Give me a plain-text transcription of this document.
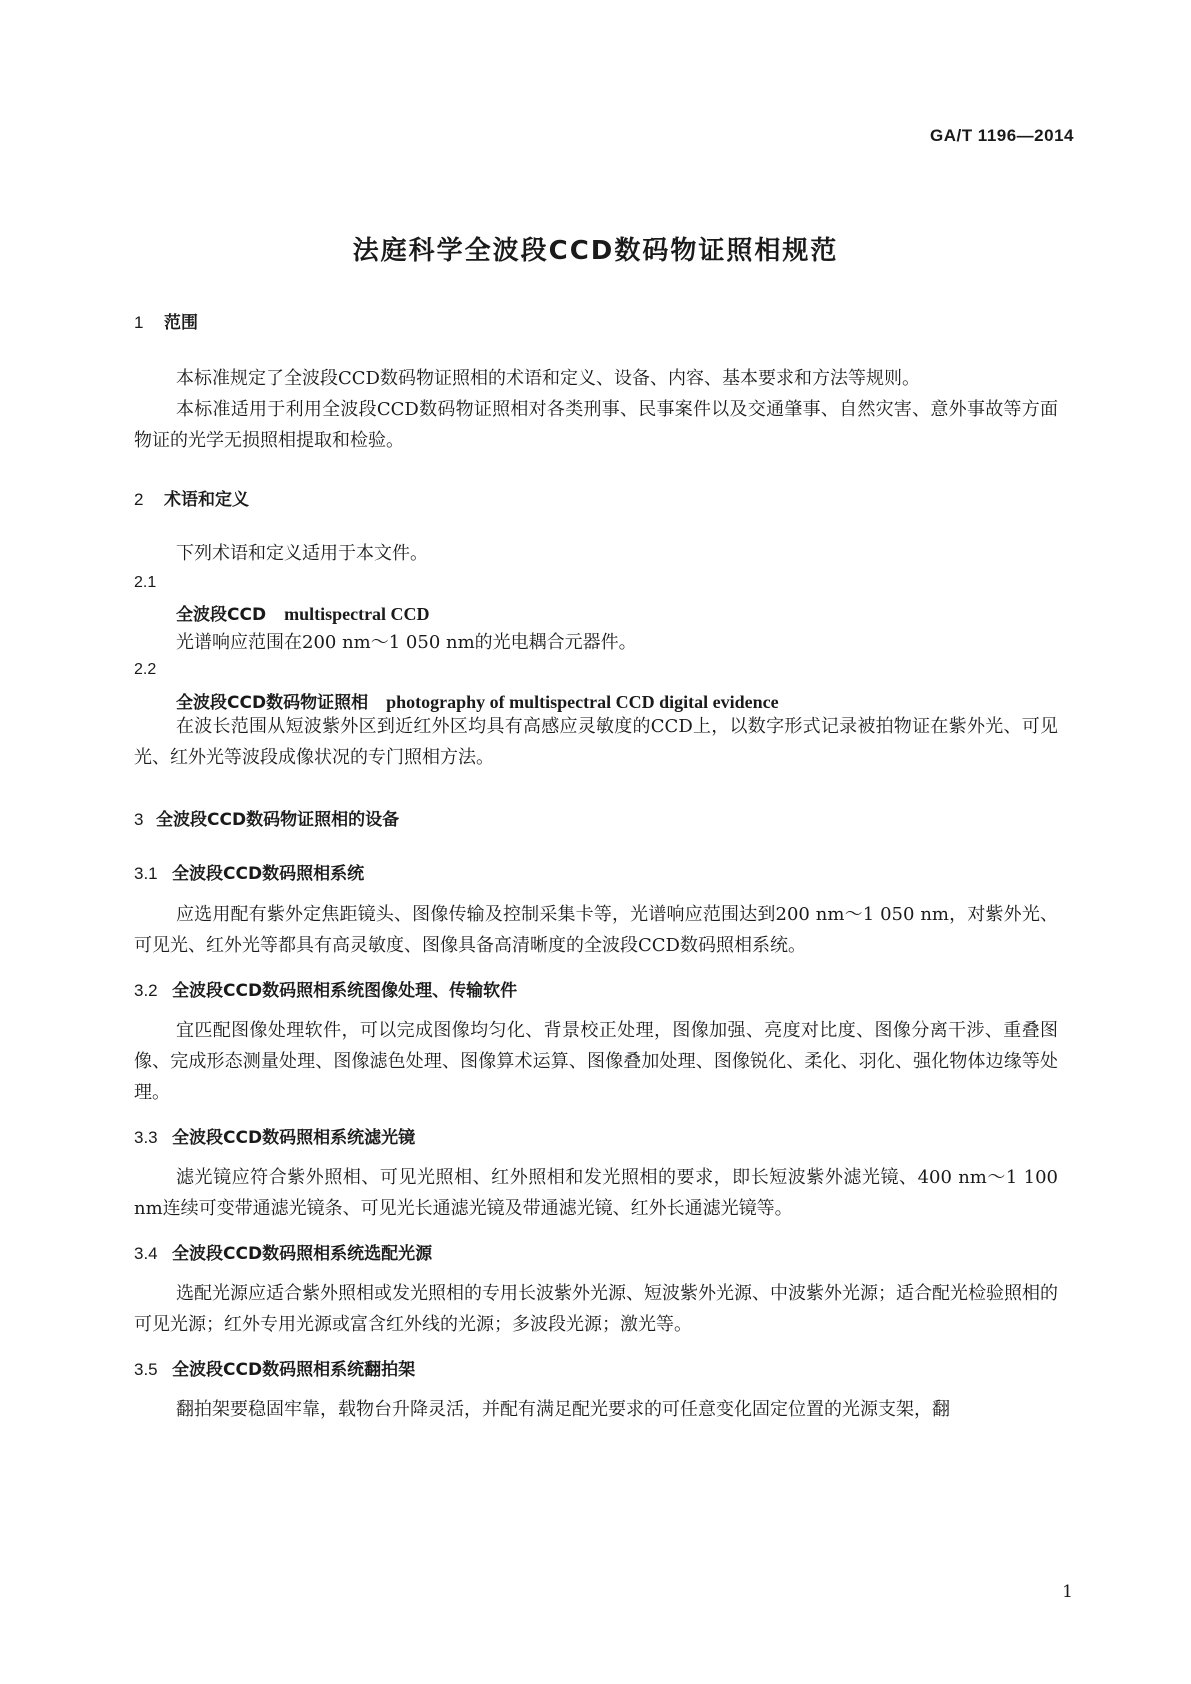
GA/T 1196—2014
法庭科学全波段CCD数码物证照相规范
1 范围
本标准规定了全波段CCD数码物证照相的术语和定义、设备、内容、基本要求和方法等规则。
本标准适用于利用全波段CCD数码物证照相对各类刑事、民事案件以及交通肇事、自然灾害、意外事故等方面物证的光学无损照相提取和检验。
2 术语和定义
下列术语和定义适用于本文件。
2.1
全波段CCD multispectral CCD
光谱响应范围在200 nm～1 050 nm的光电耦合元器件。
2.2
全波段CCD数码物证照相 photography of multispectral CCD digital evidence
在波长范围从短波紫外区到近红外区均具有高感应灵敏度的CCD上，以数字形式记录被拍物证在紫外光、可见光、红外光等波段成像状况的专门照相方法。
3 全波段CCD数码物证照相的设备
3.1 全波段CCD数码照相系统
应选用配有紫外定焦距镜头、图像传输及控制采集卡等，光谱响应范围达到200 nm～1 050 nm，对紫外光、可见光、红外光等都具有高灵敏度、图像具备高清晰度的全波段CCD数码照相系统。
3.2 全波段CCD数码照相系统图像处理、传输软件
宜匹配图像处理软件，可以完成图像均匀化、背景校正处理，图像加强、亮度对比度、图像分离干涉、重叠图像、完成形态测量处理、图像滤色处理、图像算术运算、图像叠加处理、图像锐化、柔化、羽化、强化物体边缘等处理。
3.3 全波段CCD数码照相系统滤光镜
滤光镜应符合紫外照相、可见光照相、红外照相和发光照相的要求，即长短波紫外滤光镜、400 nm～1 100 nm连续可变带通滤光镜条、可见光长通滤光镜及带通滤光镜、红外长通滤光镜等。
3.4 全波段CCD数码照相系统选配光源
选配光源应适合紫外照相或发光照相的专用长波紫外光源、短波紫外光源、中波紫外光源；适合配光检验照相的可见光源；红外专用光源或富含红外线的光源；多波段光源；激光等。
3.5 全波段CCD数码照相系统翻拍架
翻拍架要稳固牢靠，载物台升降灵活，并配有满足配光要求的可任意变化固定位置的光源支架，翻
1
